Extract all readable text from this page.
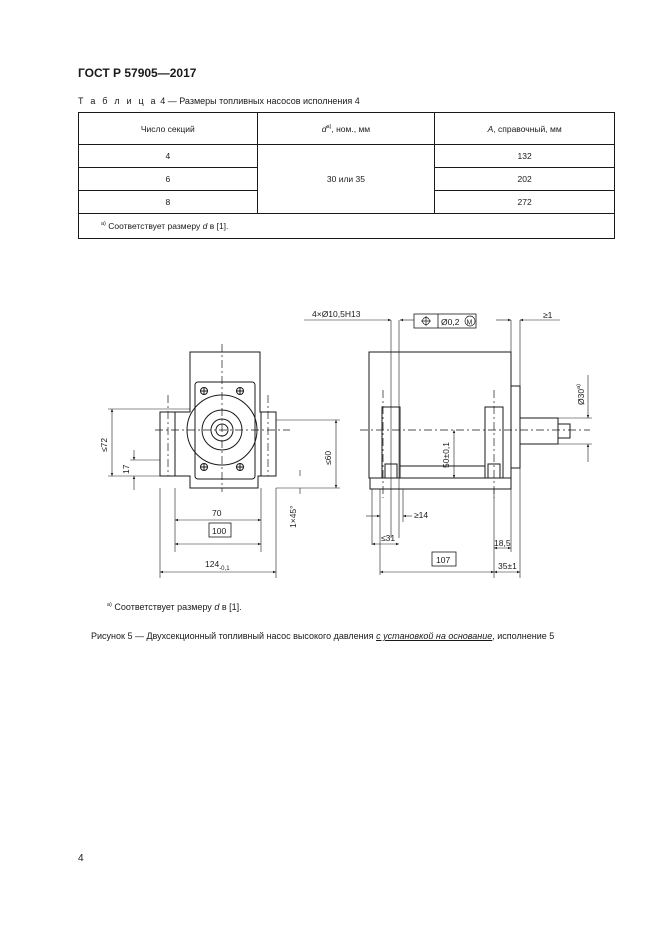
ГОСТ Р 57905—2017
Т а б л и ц а 4 — Размеры топливных насосов исполнения 4
Число секций	$d^{a)}$, ном., мм	A, справочный, мм
4	30 или 35	132
6		202
8		272
$^{a)}$ Соответствует размеру d в [1].		
4×Ø10,5H13
Ø0,2 M
≥1
$Ø30^{a)}$
≤72
17
≤60	50±0,1
1×45°
70
100
$124_{-0,1}$
≥14
≤31	18,5
107
35±1
$^{а)}$ Соответствует размеру d в [1].
Рисунок 5 — Двухсекционный топливный насос высокого давления с установкой на основание, исполнение 5
4
